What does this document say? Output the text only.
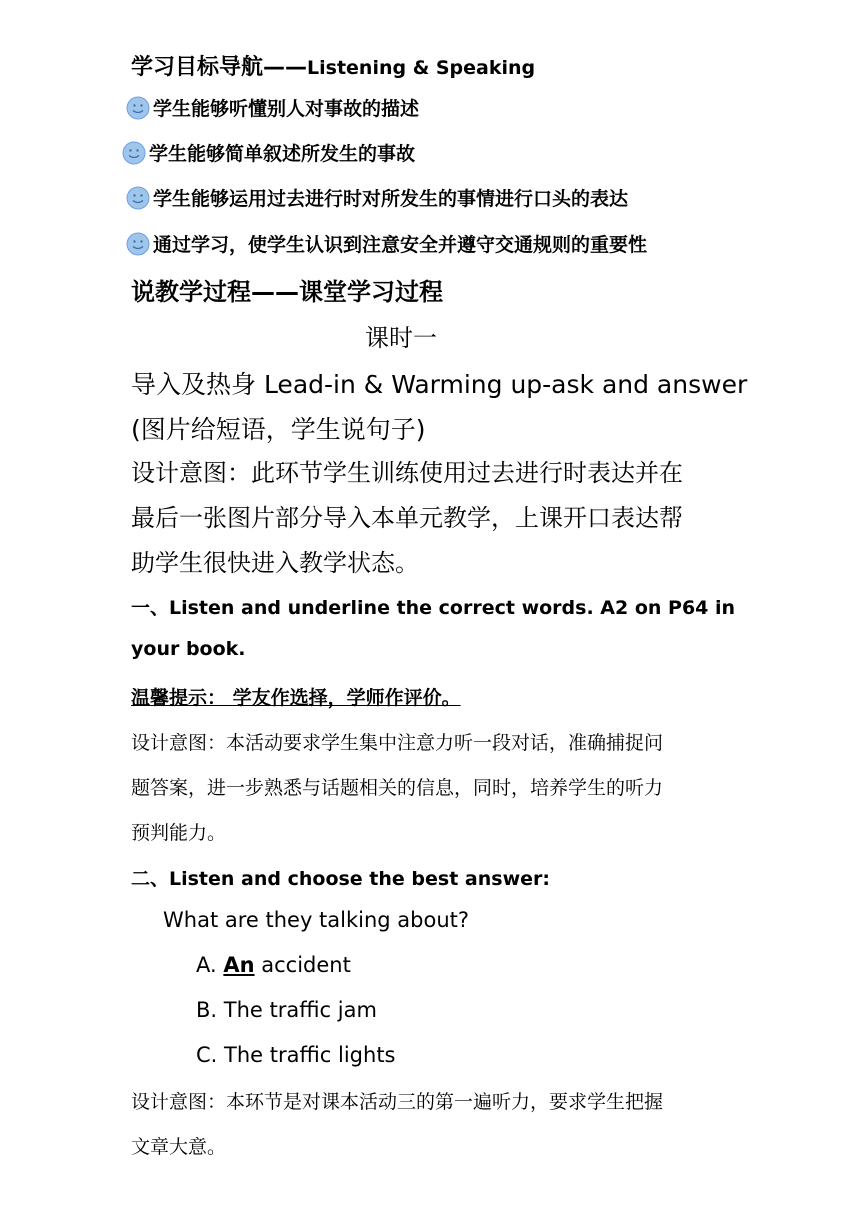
学习目标导航——Listening & Speaking
学生能够听懂别人对事故的描述
学生能够简单叙述所发生的事故
学生能够运用过去进行时对所发生的事情进行口头的表达
通过学习，使学生认识到注意安全并遵守交通规则的重要性
说教学过程——课堂学习过程
课时一
导入及热身 Lead-in & Warming up-ask and answer
(图片给短语，学生说句子)
设计意图：此环节学生训练使用过去进行时表达并在
最后一张图片部分导入本单元教学，上课开口表达帮
助学生很快进入教学状态。
一、Listen and underline the correct words. A2 on P64 in
your book.
温馨提示： 学友作选择，学师作评价。
设计意图：本活动要求学生集中注意力听一段对话，准确捕捉问
题答案，进一步熟悉与话题相关的信息，同时，培养学生的听力
预判能力。
二、Listen and choose the best answer:
What are they talking about?
A. An accident
B. The traffic jam
C. The traffic lights
设计意图：本环节是对课本活动三的第一遍听力，要求学生把握
文章大意。
